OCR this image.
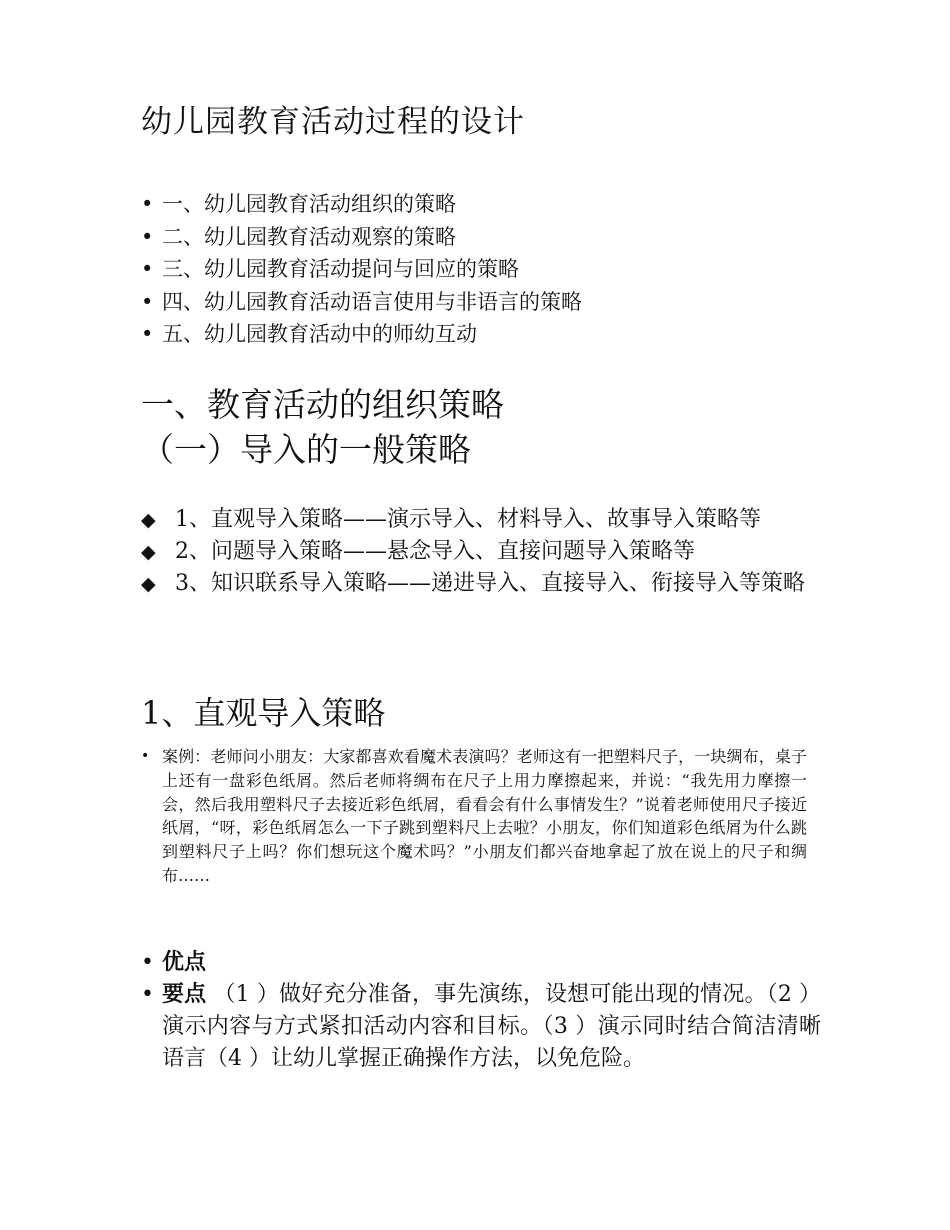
幼儿园教育活动过程的设计
• 一、幼儿园教育活动组织的策略
• 二、幼儿园教育活动观察的策略
• 三、幼儿园教育活动提问与回应的策略
• 四、幼儿园教育活动语言使用与非语言的策略
• 五、幼儿园教育活动中的师幼互动
一、教育活动的组织策略
（一）导入的一般策略
◆ 1、直观导入策略——演示导入、材料导入、故事导入策略等
◆ 2、问题导入策略——悬念导入、直接问题导入策略等
◆ 3、知识联系导入策略——递进导入、直接导入、衔接导入等策略
1、直观导入策略
• 案例：老师问小朋友：大家都喜欢看魔术表演吗？老师这有一把塑料尺子，一块绸布，桌子上还有一盘彩色纸屑。然后老师将绸布在尺子上用力摩擦起来，并说：“我先用力摩擦一会，然后我用塑料尺子去接近彩色纸屑，看看会有什么事情发生？”说着老师使用尺子接近纸屑，“呀，彩色纸屑怎么一下子跳到塑料尺上去啦？小朋友，你们知道彩色纸屑为什么跳到塑料尺子上吗？你们想玩这个魔术吗？”小朋友们都兴奋地拿起了放在说上的尺子和绸布……
• 优点
• 要点 （1 ）做好充分准备，事先演练，设想可能出现的情况。（2 ）演示内容与方式紧扣活动内容和目标。（3 ）演示同时结合简洁清晰语言（4 ）让幼儿掌握正确操作方法，以免危险。
